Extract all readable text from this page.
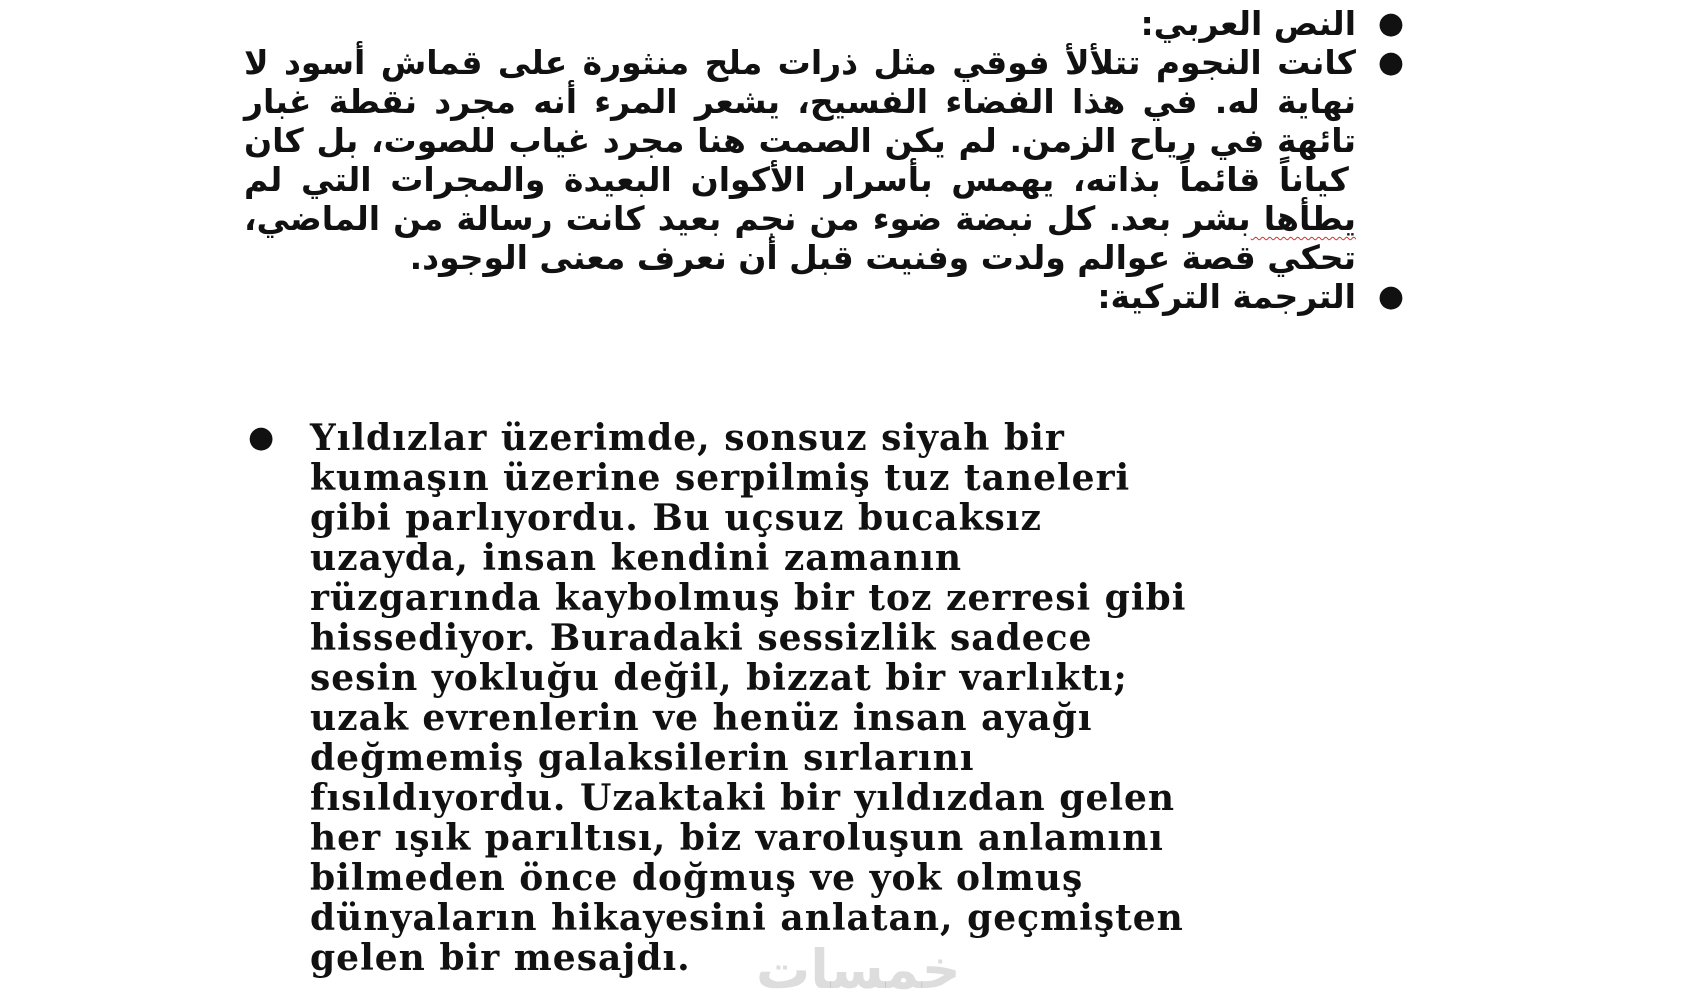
●
النص العربي:
●
كانت النجوم تتلألأ فوقي مثل ذرات ملح منثورة على قماش أسود لا نهاية له. في هذا الفضاء الفسيح، يشعر المرء أنه مجرد نقطة غبار تائهة في رياح الزمن. لم يكن الصمت هنا مجرد غياب للصوت، بل كان كياناً قائماً بذاته، يهمس بأسرار الأكوان البعيدة والمجرات التي لم يطأها بشر بعد. كل نبضة ضوء من نجم بعيد كانت رسالة من الماضي، تحكي قصة عوالم ولدت وفنيت قبل أن نعرف معنى الوجود.
●
الترجمة التركية:
● Yıldızlar üzerimde, sonsuz siyah bir
kumaşın üzerine serpilmiş tuz taneleri
gibi parlıyordu. Bu uçsuz bucaksız
uzayda, insan kendini zamanın
rüzgarında kaybolmuş bir toz zerresi gibi
hissediyor. Buradaki sessizlik sadece
sesin yokluğu değil, bizzat bir varlıktı;
uzak evrenlerin ve henüz insan ayağı
değmemiş galaksilerin sırlarını
fısıldıyordu. Uzaktaki bir yıldızdan gelen
her ışık parıltısı, biz varoluşun anlamını
bilmeden önce doğmuş ve yok olmuş
dünyaların hikayesini anlatan, geçmişten
gelen bir mesajdı.	خمسات
